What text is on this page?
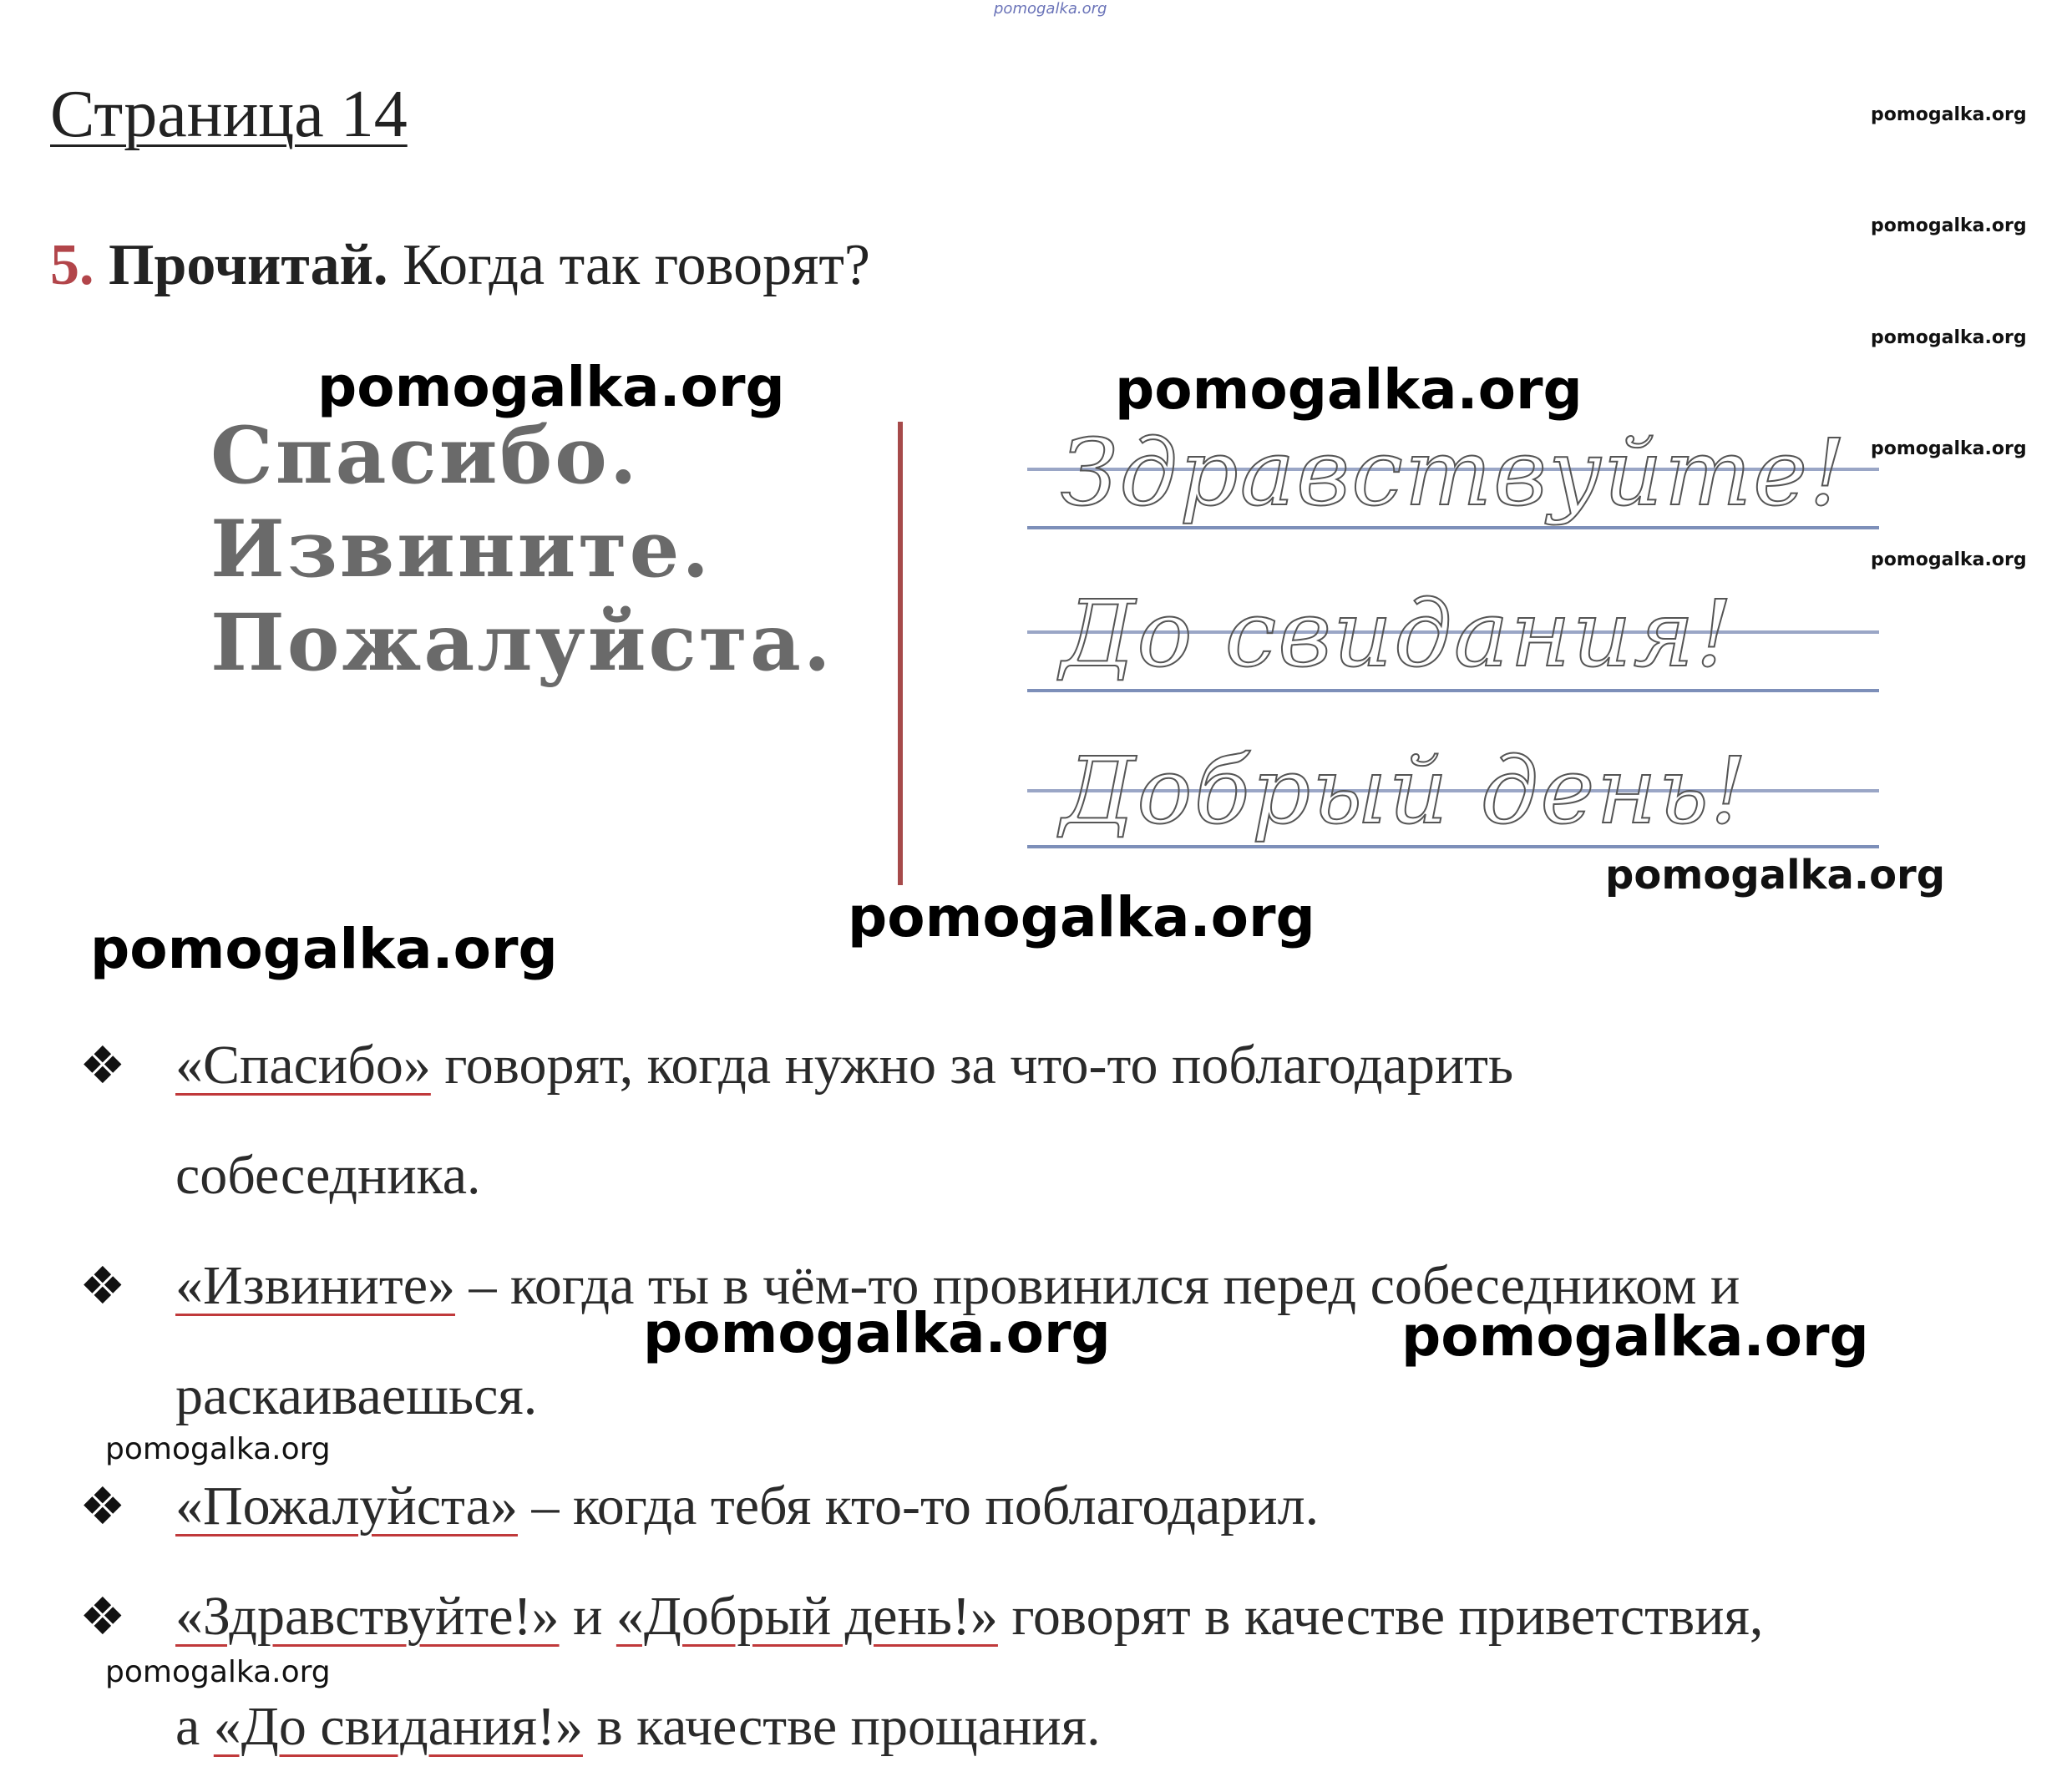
pomogalka.org
Страница 14
5. Прочитай. Когда так говорят?
pomogalka.org
pomogalka.org
pomogalka.org
pomogalka.org
pomogalka.org
Спасибо.
Извините.
Пожалуйста.
Здравствуйте!
До свидания!
Добрый день!
pomogalka.org	pomogalka.org
pomogalka.org
pomogalka.org
pomogalka.org	pomogalka.org
pomogalka.org
pomogalka.org
pomogalka.org
❖ «Спасибо» говорят, когда нужно за что-то поблагодарить
собеседника.
❖ «Извините» – когда ты в чём-то провинился перед собеседником и
раскаиваешься.
❖ «Пожалуйста» – когда тебя кто-то поблагодарил.
❖ «Здравствуйте!» и «Добрый день!» говорят в качестве приветствия,
а «До свидания!» в качестве прощания.
